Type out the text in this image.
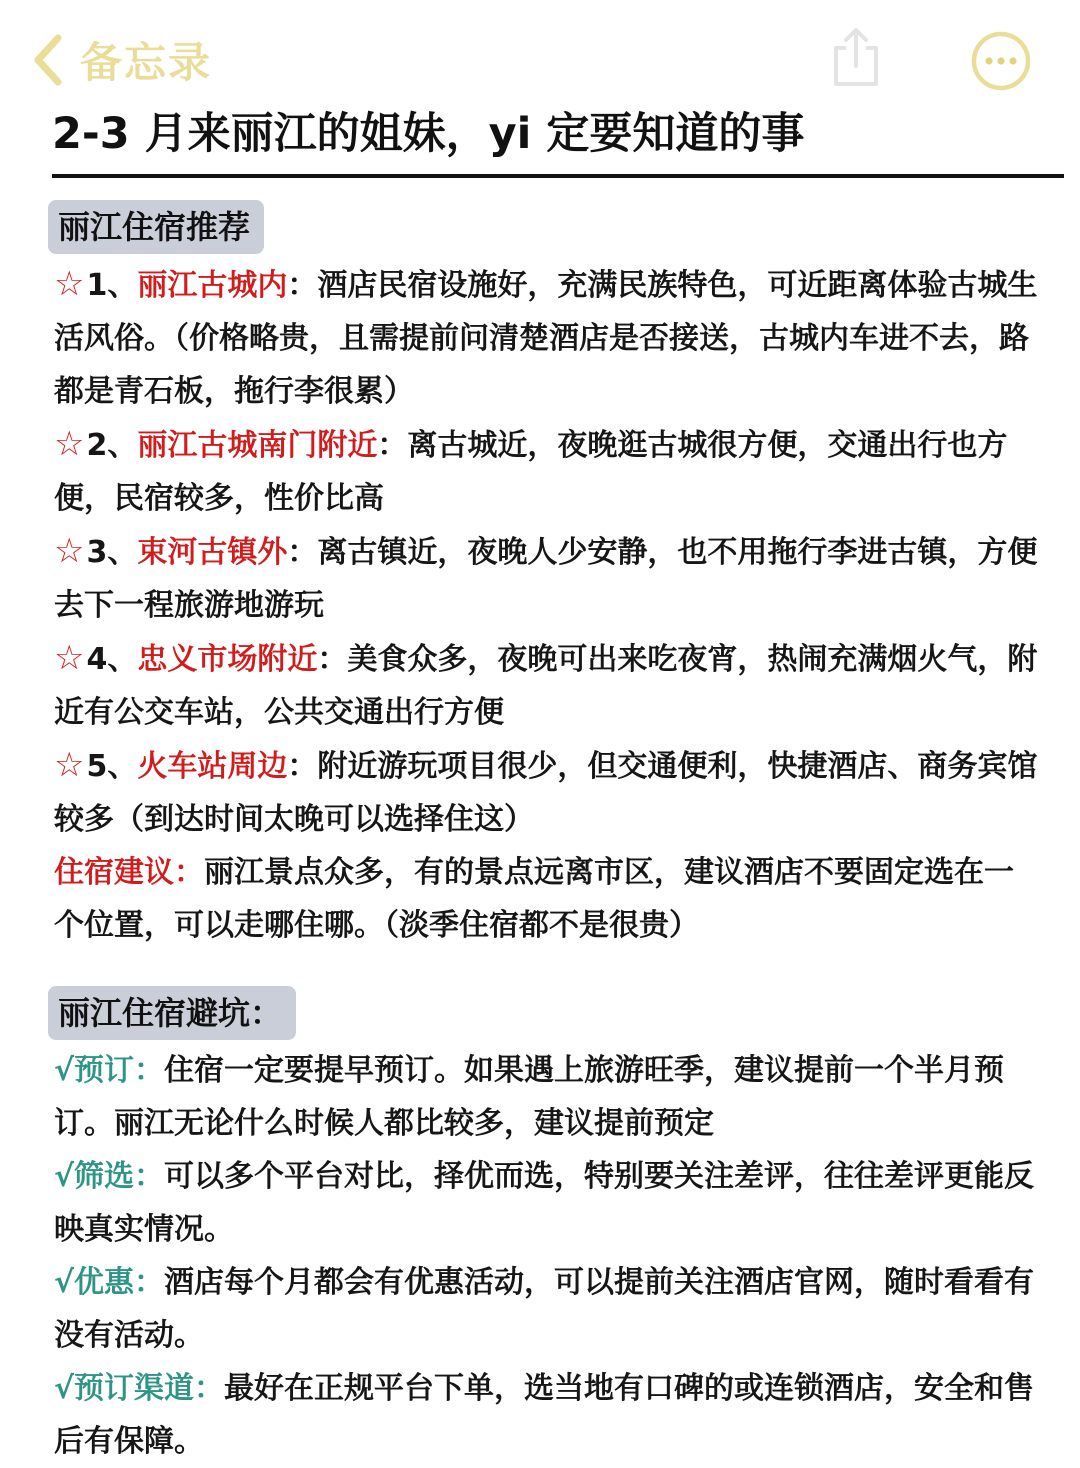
备忘录
2-3 月来丽江的姐妹，yi 定要知道的事
丽江住宿推荐
☆1、丽江古城内：酒店民宿设施好，充满民族特色，可近距离体验古城生活风俗。（价格略贵，且需提前问清楚酒店是否接送，古城内车进不去，路都是青石板，拖行李很累）
☆2、丽江古城南门附近：离古城近，夜晚逛古城很方便，交通出行也方便，民宿较多，性价比高
☆3、束河古镇外：离古镇近，夜晚人少安静，也不用拖行李进古镇，方便去下一程旅游地游玩
☆4、忠义市场附近：美食众多，夜晚可出来吃夜宵，热闹充满烟火气，附近有公交车站，公共交通出行方便
☆5、火车站周边：附近游玩项目很少，但交通便利，快捷酒店、商务宾馆较多（到达时间太晚可以选择住这）
住宿建议：丽江景点众多，有的景点远离市区，建议酒店不要固定选在一个位置，可以走哪住哪。（淡季住宿都不是很贵）
丽江住宿避坑：
√预订：住宿一定要提早预订。如果遇上旅游旺季，建议提前一个半月预订。丽江无论什么时候人都比较多，建议提前预定
√筛选：可以多个平台对比，择优而选，特别要关注差评，往往差评更能反映真实情况。
√优惠：酒店每个月都会有优惠活动，可以提前关注酒店官网，随时看看有没有活动。
√预订渠道：最好在正规平台下单，选当地有口碑的或连锁酒店，安全和售后有保障。
